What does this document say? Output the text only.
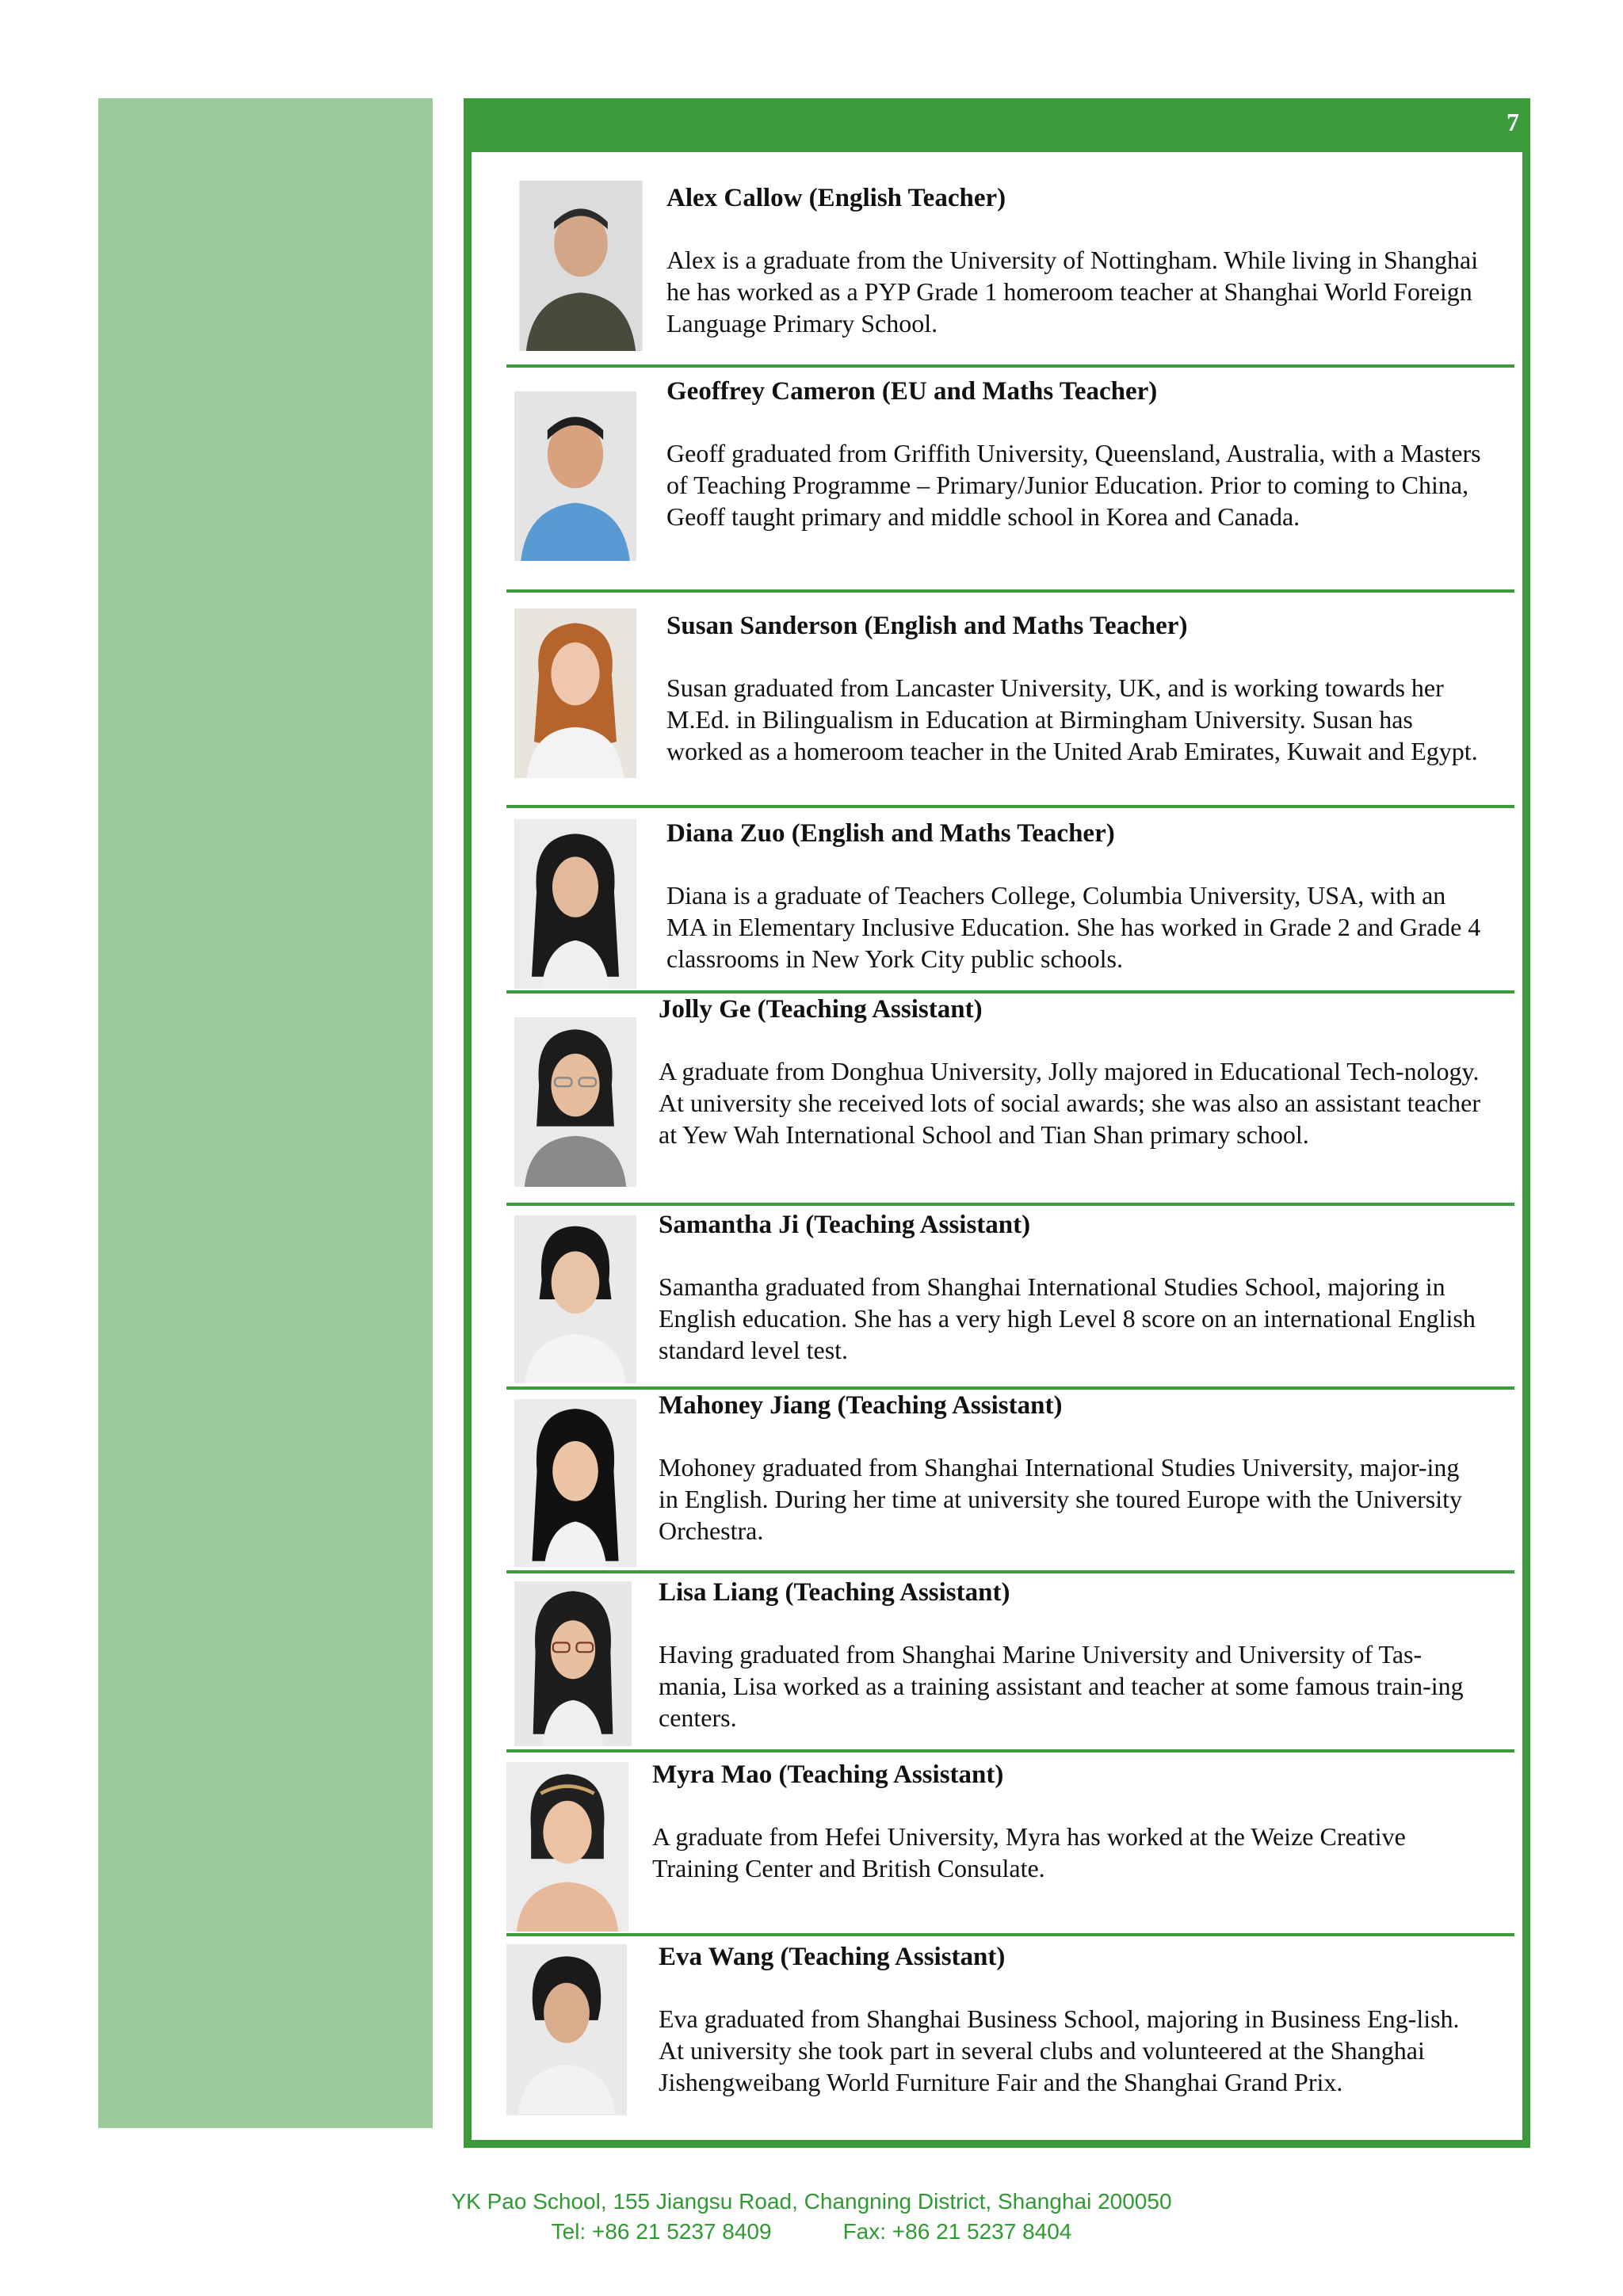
7
Alex Callow (English Teacher)
Alex is a graduate from the University of Nottingham. While living in Shanghai he has worked as a PYP Grade 1 homeroom teacher at Shanghai World Foreign Language Primary School.
Geoffrey Cameron (EU and Maths Teacher)
Geoff graduated from Griffith University, Queensland, Australia, with a Masters of Teaching Programme – Primary/Junior Education. Prior to coming to China, Geoff taught primary and middle school in Korea and Canada.
Susan Sanderson (English and Maths Teacher)
Susan graduated from Lancaster University, UK, and is working towards her M.Ed. in Bilingualism in Education at Birmingham University. Susan has worked as a homeroom teacher in the United Arab Emirates, Kuwait and Egypt.
Diana Zuo (English and Maths Teacher)
Diana is a graduate of Teachers College, Columbia University, USA, with an MA in Elementary Inclusive Education. She has worked in Grade 2 and Grade 4 classrooms in New York City public schools.
Jolly Ge (Teaching Assistant)
A graduate from Donghua University, Jolly majored in Educational Tech-nology. At university she received lots of social awards; she was also an assistant teacher at Yew Wah International School and Tian Shan primary school.
Samantha Ji (Teaching Assistant)
Samantha graduated from Shanghai International Studies School, majoring in English education. She has a very high Level 8 score on an international English standard level test.
Mahoney Jiang (Teaching Assistant)
Mohoney graduated from Shanghai International Studies University, major-ing in English. During her time at university she toured Europe with the University Orchestra.
Lisa Liang (Teaching Assistant)
Having graduated from Shanghai Marine University and University of Tas-mania, Lisa worked as a training assistant and teacher at some famous train-ing centers.
Myra Mao (Teaching Assistant)
A graduate from Hefei University, Myra has worked at the Weize Creative Training Center and British Consulate.
Eva Wang (Teaching Assistant)
Eva graduated from Shanghai Business School, majoring in Business Eng-lish. At university she took part in several clubs and volunteered at the Shanghai Jishengweibang World Furniture Fair and the Shanghai Grand Prix.
YK Pao School, 155 Jiangsu Road, Changning District, Shanghai 200050
Tel: +86 21 5237 8409	Fax: +86 21 5237 8404
